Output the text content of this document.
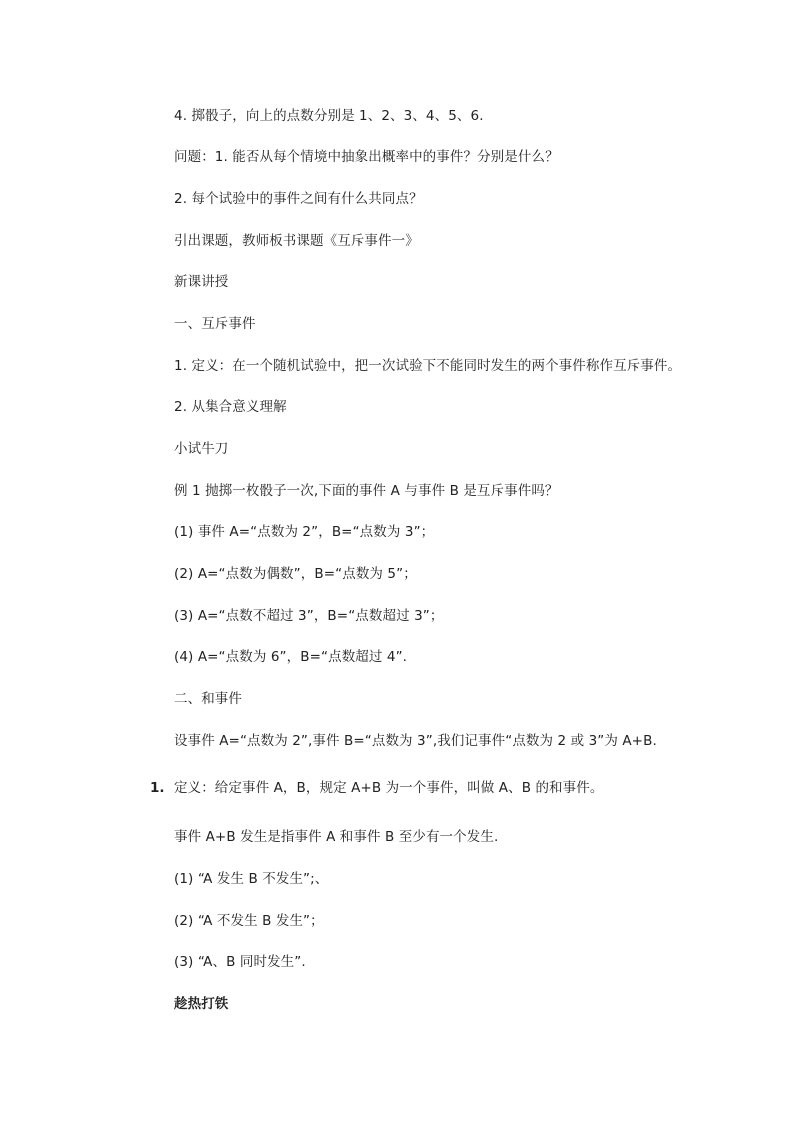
4. 掷骰子，向上的点数分别是 1、2、3、4、5、6.
问题：1. 能否从每个情境中抽象出概率中的事件？分别是什么？
2. 每个试验中的事件之间有什么共同点？
引出课题，教师板书课题《互斥事件一》
新课讲授
一、互斥事件
1. 定义：在一个随机试验中，把一次试验下不能同时发生的两个事件称作互斥事件。
2. 从集合意义理解
小试牛刀
例 1 抛掷一枚骰子一次,下面的事件 A 与事件 B 是互斥事件吗？
(1) 事件 A=“点数为 2”，B=“点数为 3”；
(2) A=“点数为偶数”，B=“点数为 5”；
(3) A=“点数不超过 3”，B=“点数超过 3”；
(4) A=“点数为 6”，B=“点数超过 4”.
二、和事件
设事件 A=“点数为 2”,事件 B=“点数为 3”,我们记事件“点数为 2 或 3”为 A+B.
1. 定义：给定事件 A，B，规定 A+B 为一个事件，叫做 A、B 的和事件。
事件 A+B 发生是指事件 A 和事件 B 至少有一个发生.
(1) “A 发生 B 不发生”;、
(2) “A 不发生 B 发生”；
(3) “A、B 同时发生”.
趁热打铁
